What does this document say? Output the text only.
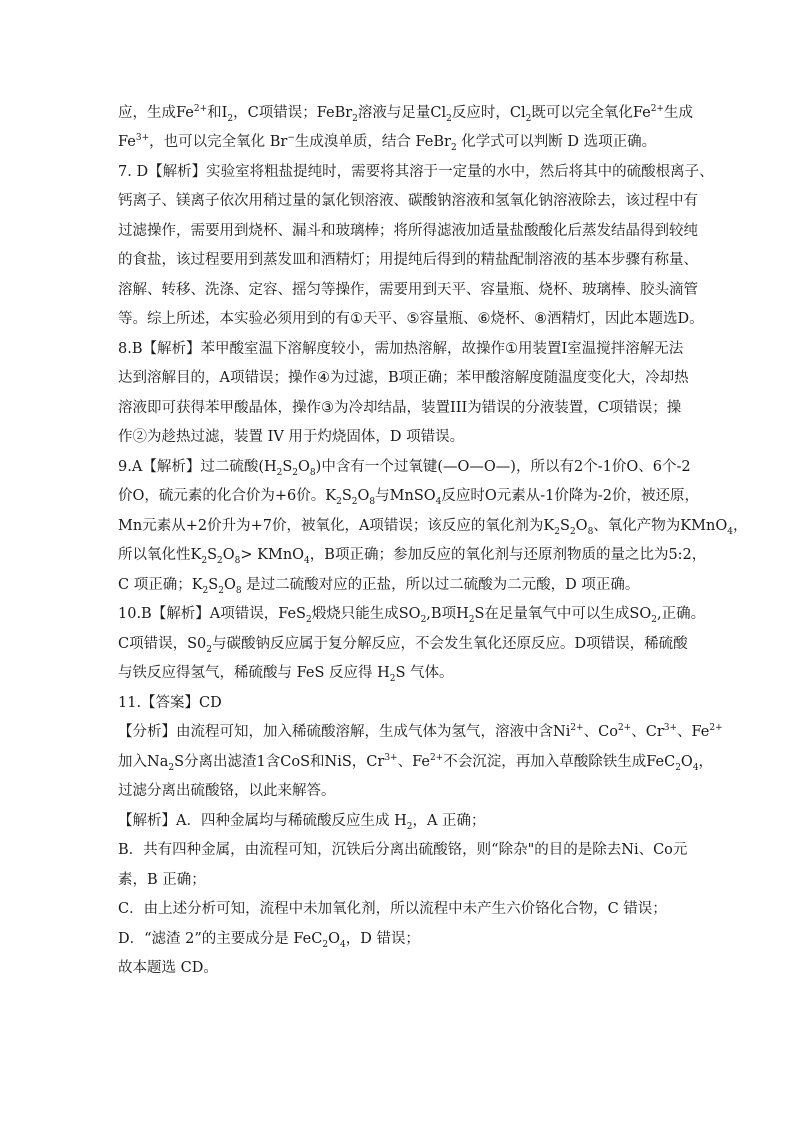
应 ， 生 成 $Fe^{2+}$ 和 $I_2$ ， C 项 错 误 ； FeBr$_2$ 溶 液 与 足 量 $Cl_2$ 反 应 时 ， $Cl_2$ 既 可 以 完 全 氧 化 $Fe^{2+}$ 生 成
$Fe^{3+}$，也可以完全氧化 Br−生成溴单质，结合 FeBr$_2$ 化学式可以判断 D 选项正确。
7. D 【 解 析 】 实 验 室 将 粗 盐 提 纯 时 ， 需 要 将 其 溶 于 一 定 量 的 水 中 ， 然 后 将 其 中 的 硫 酸 根 离 子 、
钙 离 子 、 镁 离 子 依 次 用 稍 过 量 的 氯 化 钡 溶 液 、 碳 酸 钠 溶 液 和 氢 氧 化 钠 溶 液 除 去 ， 该 过 程 中 有
过 滤 操 作 ， 需 要 用 到 烧 杯 、 漏 斗 和 玻 璃 棒 ； 将 所 得 滤 液 加 适 量 盐 酸 酸 化 后 蒸 发 结 晶 得 到 较 纯
的 食 盐 ， 该 过 程 要 用 到 蒸 发 皿 和 酒 精 灯 ； 用 提 纯 后 得 到 的 精 盐 配 制 溶 液 的 基 本 步 骤 有 称 量 、
溶 解 、 转 移 、 洗 涤 、 定 容 、 摇 匀 等 操 作 ， 需 要 用 到 天 平 、 容 量 瓶 、 烧 杯 、 玻 璃 棒 、 胶 头 滴 管
等 。 综 上 所 述 ， 本 实 验 必 须 用 到 的 有 ① 天 平 、 ⑤ 容 量 瓶 、 ⑥ 烧 杯 、 ⑧ 酒 精 灯 ， 因 此 本 题 选 D 。
8.B 【 解 析 】 苯 甲 酸 室 温 下 溶 解 度 较 小 ， 需 加 热 溶 解 ， 故 操 作 ① 用 装 置 I 室 温 搅 拌 溶 解 无 法
达 到 溶 解 目 的 ， A 项 错 误 ； 操 作 ④ 为 过 滤 ， B 项 正 确 ； 苯 甲 酸 溶 解 度 随 温 度 变 化 大 ， 冷 却 热
溶 液 即 可 获 得 苯 甲 酸 晶 体 ， 操 作 ③ 为 冷 却 结 晶 ， 装 置 III 为 错 误 的 分 液 装 置 ， C 项 错 误 ； 操
作②为趁热过滤，装置 IV 用于灼烧固体，D 项错误。
9.A 【 解 析 】 过 二 硫 酸 ($H_2$ $S_2$ $O_8$ ) 中 含 有 一 个 过 氧 键 ( — O — O — ) ， 所 以 有 2 个 -1 价 O 、 6 个 -2
价 O ， 硫 元 素 的 化 合 价 为 +6 价 。 $K_2$ $S_2$ $O_8$ 与 MnSO$_4$ 反 应 时 O 元 素 从 -1 价 降 为 -2 价 ， 被 还 原 ，
Mn 元 素 从 +2 价 升 为 +7 价 ， 被 氧 化 ， A 项 错 误 ； 该 反 应 的 氧 化 剂 为 $K_2$ $S_2$ $O_8$ 、 氧 化 产 物 为 KMnO$_4$ ，
所 以 氧 化 性 $K_2$ $S_2$ $O_8$ > KMnO$_4$ ， B 项 正 确 ； 参 加 反 应 的 氧 化 剂 与 还 原 剂 物 质 的 量 之 比 为 5:2 ，
C 项正确；$K_2S_2O_8$ 是过二硫酸对应的正盐，所以过二硫酸为二元酸，D 项正确。
10.B 【 解 析 】 A 项 错 误 ， FeS$_2$ 煅 烧 只 能 生 成 $SO_2$ ,B 项 $H_2$ S 在 足 量 氧 气 中 可 以 生 成 $SO_2$ , 正 确 。
C 项 错 误 ， $S0_2$ 与 碳 酸 钠 反 应 属 于 复 分 解 反 应 ， 不 会 发 生 氧 化 还 原 反 应 。 D 项 错 误 ， 稀 硫 酸
与铁反应得氢气，稀硫酸与 FeS 反应得 $H_2S$ 气体。
11.【答案】CD
【 分 析 】 由 流 程 可 知 ， 加 入 稀 硫 酸 溶 解 ， 生 成 气 体 为 氢 气 ， 溶 液 中 含 $Ni^{2+}$ 、 $Co^{2+}$ 、 $Cr^{3+}$ 、 $Fe^{2+}$
加 入 $Na_2$ S 分 离 出 滤 渣 1 含 CoS 和 NiS ， $Cr^{3+}$ 、 $Fe^{2+}$ 不 会 沉 淀 ， 再 加 入 草 酸 除 铁 生 成 FeC$_2$ $O_4$ ，
过滤分离出硫酸铬，以此来解答。
【解析】A．四种金属均与稀硫酸反应生成 $H_2$，A 正确；
B ． 共 有 四 种 金 属 ， 由 流 程 可 知 ， 沉 铁 后 分 离 出 硫 酸 铬 ， 则 “ 除 杂 " 的 目 的 是 除 去 Ni 、 Co 元
素，B 正确；
C．由上述分析可知，流程中未加氧化剂，所以流程中未产生六价铬化合物，C 错误；
D．“滤渣 2”的主要成分是 $FeC_2O_4$，D 错误；
故本题选 CD。
